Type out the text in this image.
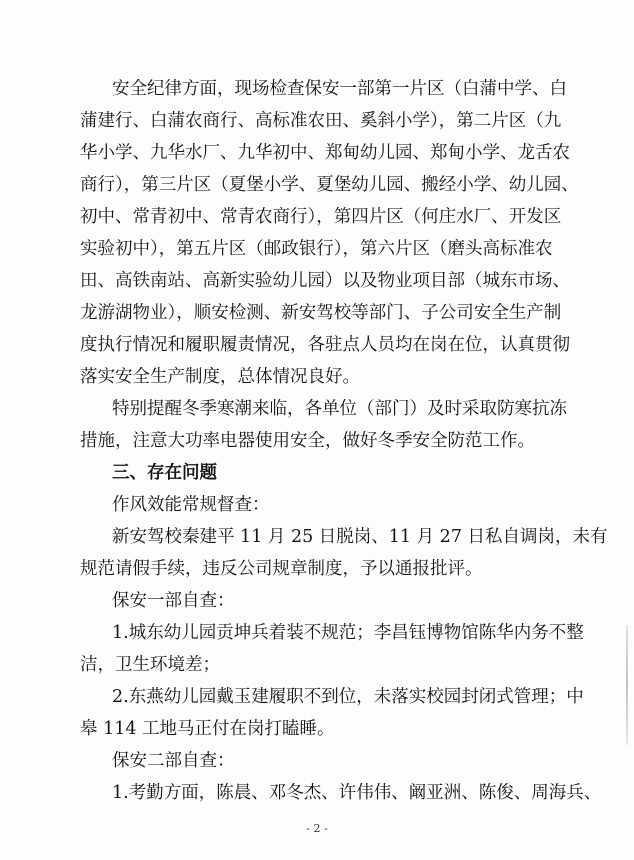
安全纪律方面，现场检查保安一部第一片区（白蒲中学、白
蒲建行、白蒲农商行、高标准农田、奚斜小学），第二片区（九
华小学、九华水厂、九华初中、郑甸幼儿园、郑甸小学、龙舌农
商行），第三片区（夏堡小学、夏堡幼儿园、搬经小学、幼儿园、
初中、常青初中、常青农商行），第四片区（何庄水厂、开发区
实验初中），第五片区（邮政银行），第六片区（磨头高标准农
田、高铁南站、高新实验幼儿园）以及物业项目部（城东市场、
龙游湖物业），顺安检测、新安驾校等部门、子公司安全生产制
度执行情况和履职履责情况，各驻点人员均在岗在位，认真贯彻
落实安全生产制度，总体情况良好。
特别提醒冬季寒潮来临，各单位（部门）及时采取防寒抗冻
措施，注意大功率电器使用安全，做好冬季安全防范工作。
三、存在问题
作风效能常规督查：
新安驾校秦建平 11 月 25 日脱岗、11 月 27 日私自调岗，未有
规范请假手续，违反公司规章制度，予以通报批评。
保安一部自查：
1.城东幼儿园贡坤兵着装不规范；李昌钰博物馆陈华内务不整
洁，卫生环境差；
2.东燕幼儿园戴玉建履职不到位，未落实校园封闭式管理；中
皋 114 工地马正付在岗打瞌睡。
- 2 -
保安二部自查：
1.考勤方面，陈晨、邓冬杰、许伟伟、阚亚洲、陈俊、周海兵、
